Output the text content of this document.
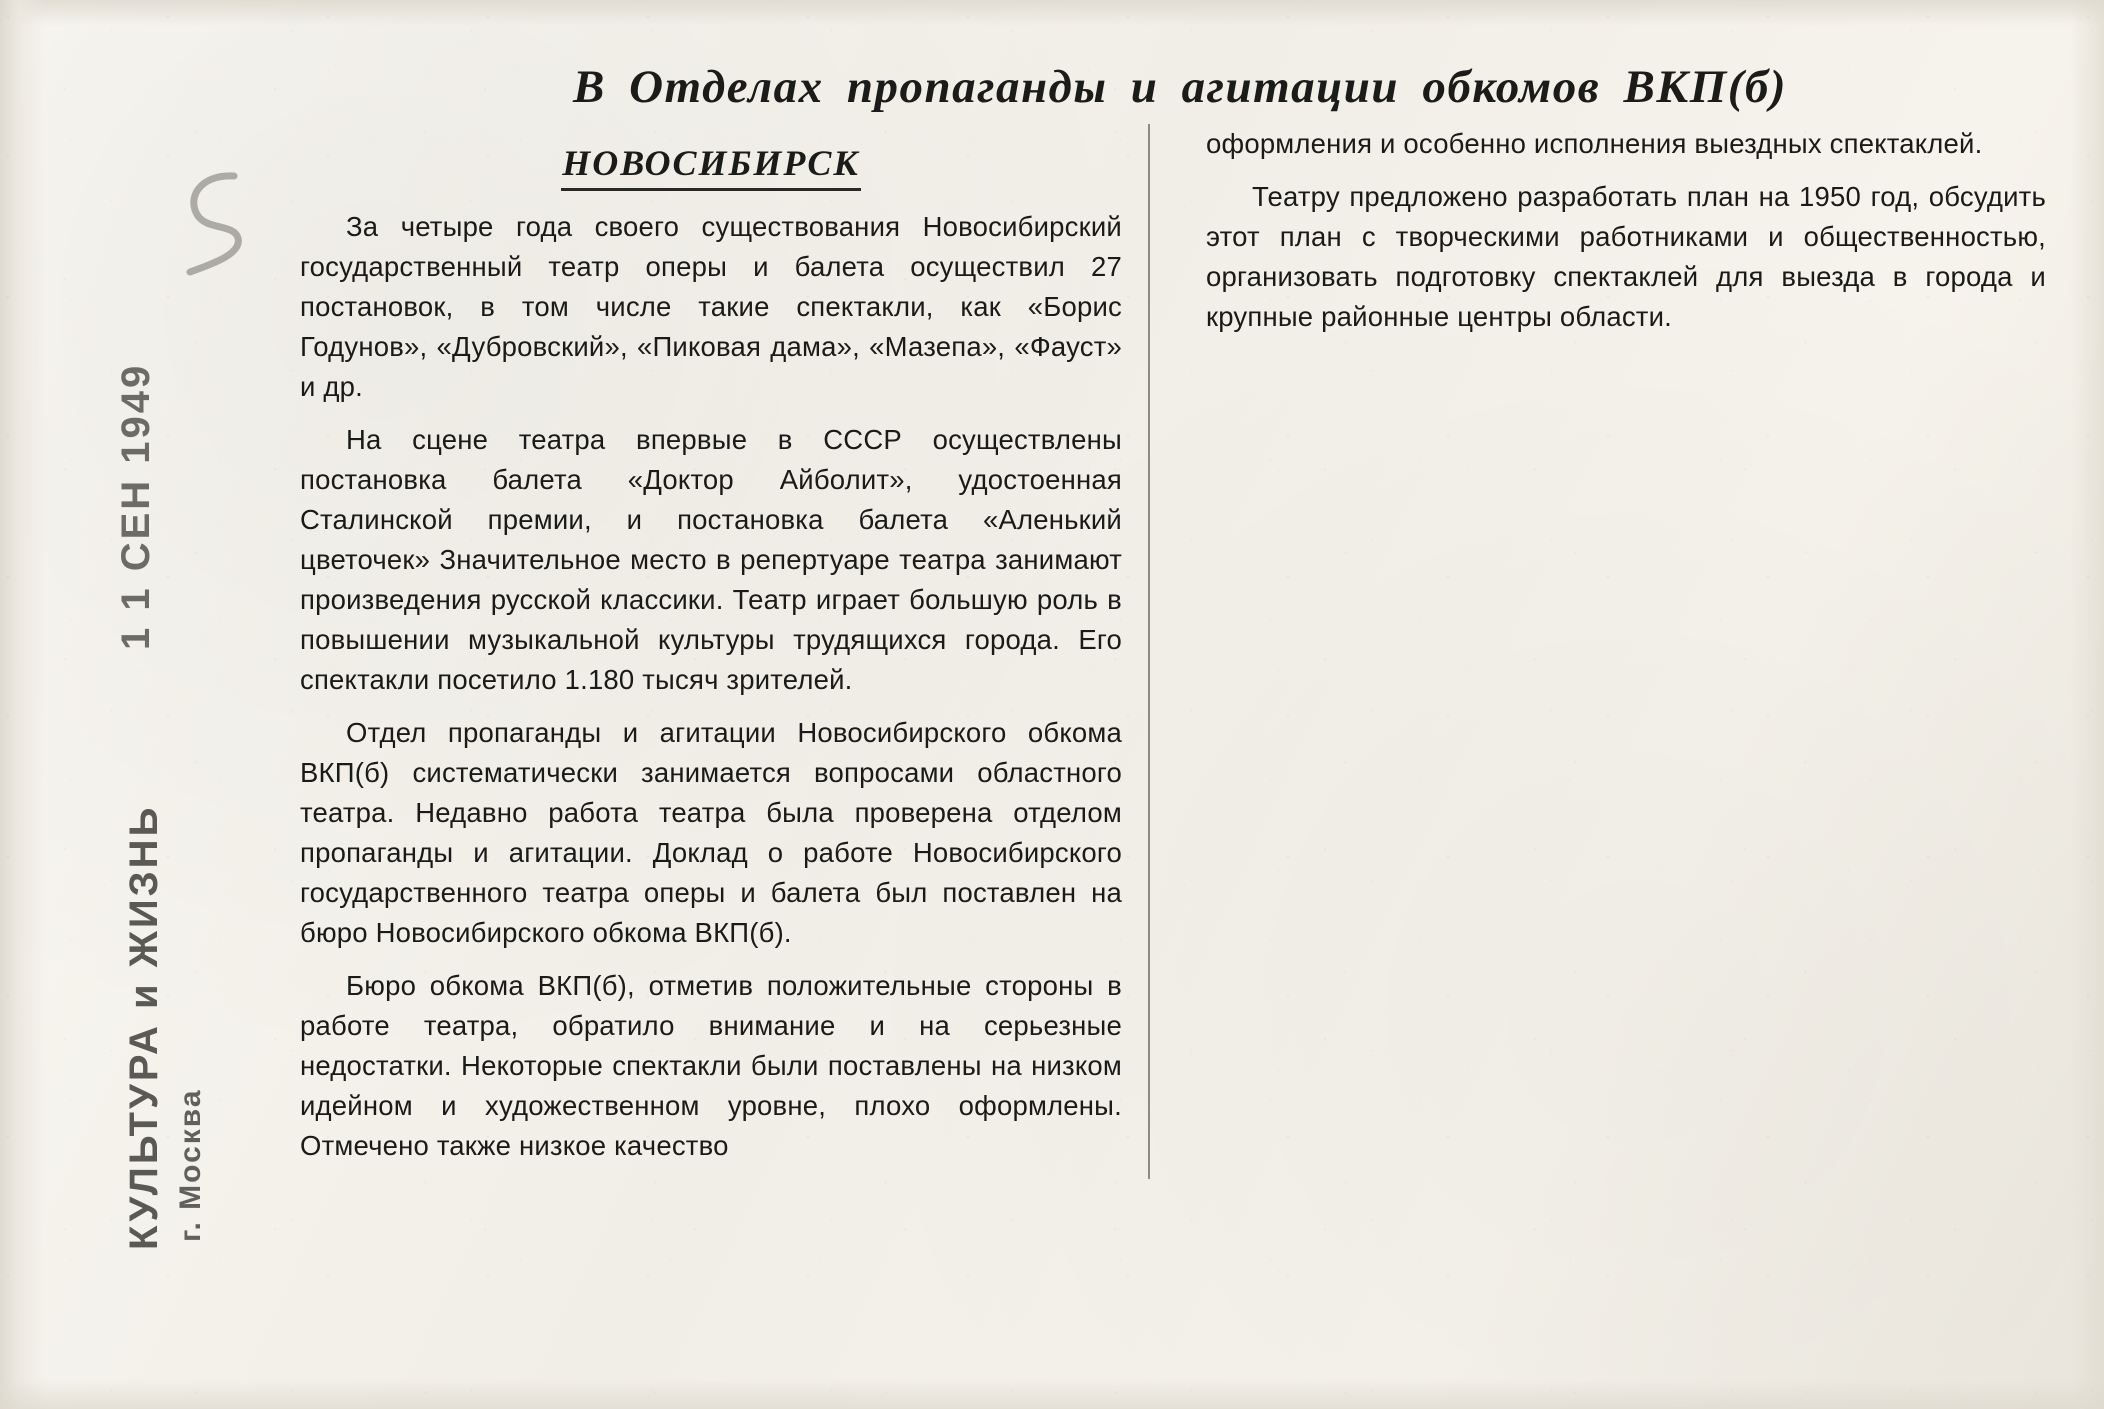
КУЛЬТУРА и ЖИЗНЬ г. Москва
1 1 СЕН 1949
В Отделах пропаганды и агитации обкомов ВКП(б)
НОВОСИБИРСК

За четыре года своего существования Новосибирский государственный театр оперы и балета осуществил 27 постановок, в том числе такие спектакли, как «Борис Годунов», «Дубровский», «Пиковая дама», «Мазепа», «Фауст» и др.

На сцене театра впервые в СССР осуществлены постановка балета «Доктор Айболит», удостоенная Сталинской премии, и постановка балета «Аленький цветочек» Значительное место в репертуаре театра занимают произведения русской классики. Театр играет большую роль в повышении музыкальной культуры трудящихся города. Его спектакли посетило 1.180 тысяч зрителей.

Отдел пропаганды и агитации Новосибирского обкома ВКП(б) систематически занимается вопросами областного театра. Недавно работа театра была проверена отделом пропаганды и агитации. Доклад о работе Новосибирского государственного театра оперы и балета был поставлен на бюро Новосибирского обкома ВКП(б).

Бюро обкома ВКП(б), отметив положительные стороны в работе театра, обратило внимание и на серьезные недостатки. Некоторые спектакли были поставлены на низком идейном и художественном уровне, плохо оформлены. Отмечено также низкое качество

оформления и особенно исполнения выездных спектаклей.

Театру предложено разработать план на 1950 год, обсудить этот план с творческими работниками и общественностью, организовать подготовку спектаклей для выезда в города и крупные районные центры области.
